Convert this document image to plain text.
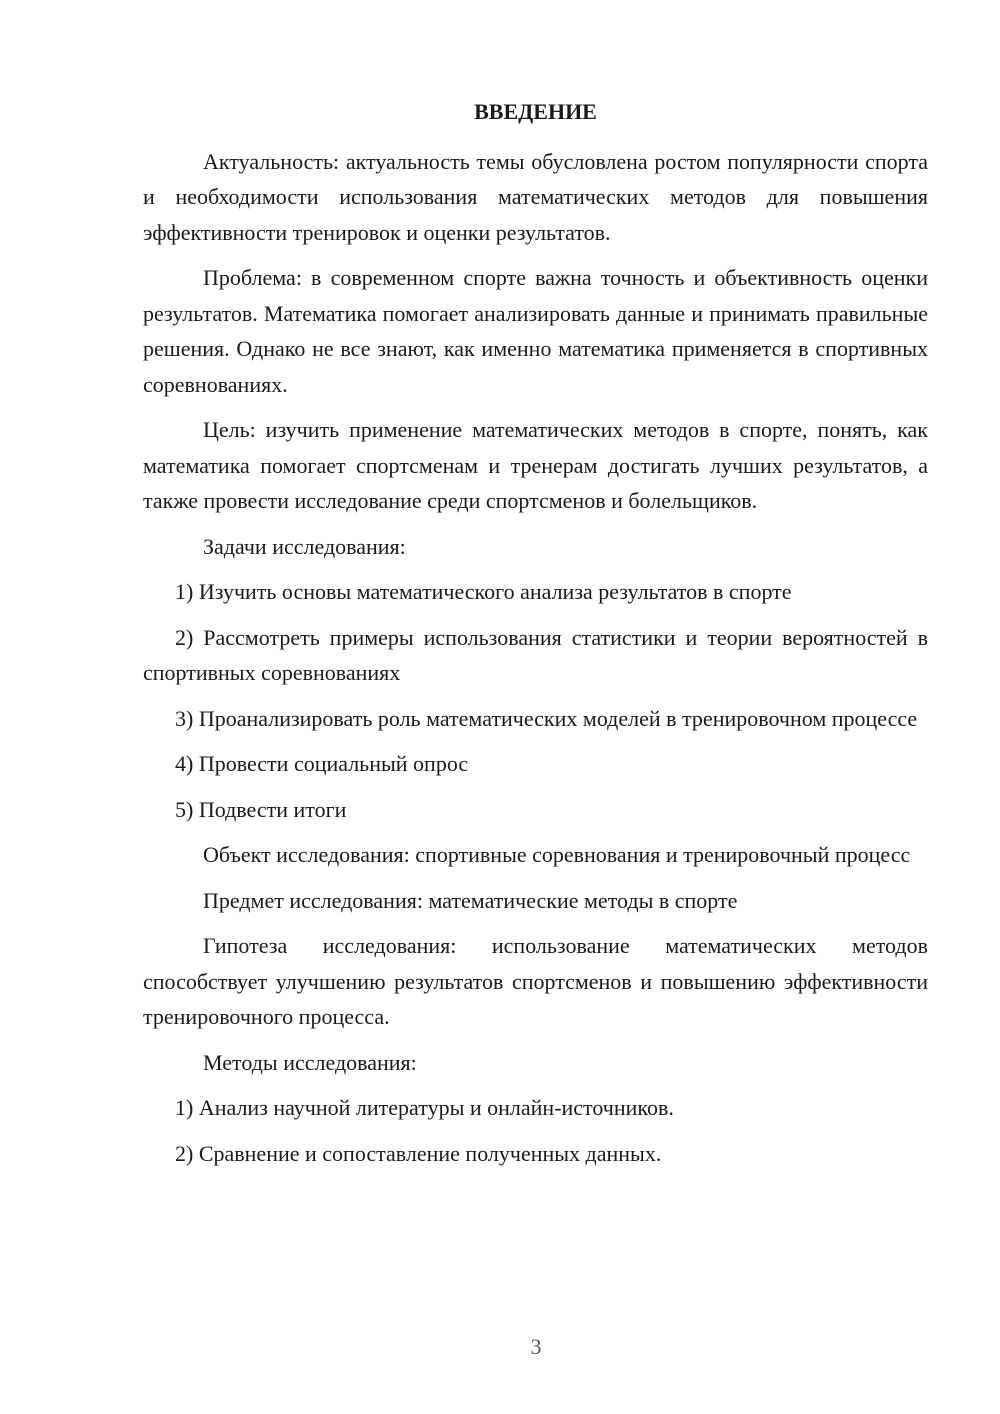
ВВЕДЕНИЕ
Актуальность: актуальность темы обусловлена ростом популярности спорта и необходимости использования математических методов для повышения эффективности тренировок и оценки результатов.
Проблема: в современном спорте важна точность и объективность оценки результатов. Математика помогает анализировать данные и принимать правильные решения. Однако не все знают, как именно математика применяется в спортивных соревнованиях.
Цель: изучить применение математических методов в спорте, понять, как математика помогает спортсменам и тренерам достигать лучших результатов, а также провести исследование среди спортсменов и болельщиков.
Задачи исследования:
1) Изучить основы математического анализа результатов в спорте
2) Рассмотреть примеры использования статистики и теории вероятностей в спортивных соревнованиях
3) Проанализировать роль математических моделей в тренировочном процессе
4) Провести социальный опрос
5) Подвести итоги
Объект исследования: спортивные соревнования и тренировочный процесс
Предмет исследования: математические методы в спорте
Гипотеза исследования: использование математических методов способствует улучшению результатов спортсменов и повышению эффективности тренировочного процесса.
Методы исследования:
1) Анализ научной литературы и онлайн-источников.
2) Сравнение и сопоставление полученных данных.
3
